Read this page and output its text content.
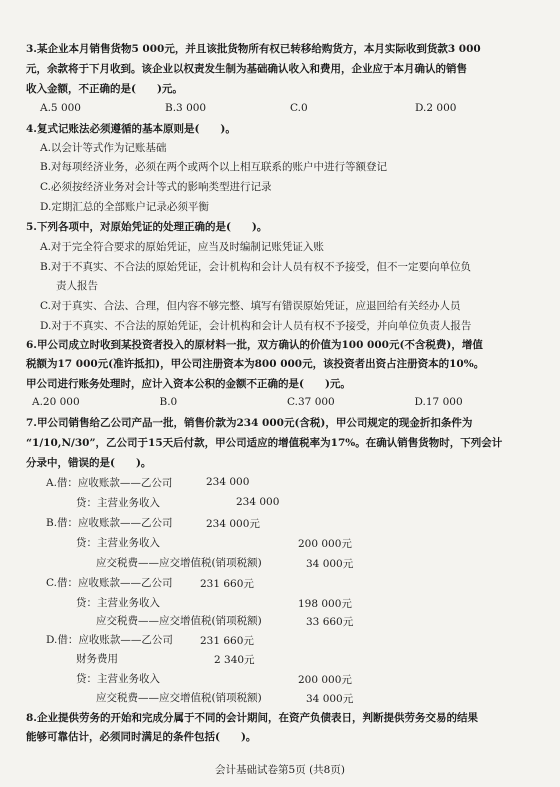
3.某企业本月销售货物5 000元，并且该批货物所有权已转移给购货方，本月实际收到货款3 000
元，余款将于下月收到。该企业以权责发生制为基础确认收入和费用，企业应于本月确认的销售
收入金额，不正确的是(　　)元。
A.5 000	B.3 000	C.0	D.2 000
4.复式记账法必须遵循的基本原则是(　　)。
A.以会计等式作为记账基础
B.对每项经济业务，必须在两个或两个以上相互联系的账户中进行等额登记
C.必须按经济业务对会计等式的影响类型进行记录
D.定期汇总的全部账户记录必须平衡
5.下列各项中，对原始凭证的处理正确的是(　　)。
A.对于完全符合要求的原始凭证，应当及时编制记账凭证入账
B.对于不真实、不合法的原始凭证，会计机构和会计人员有权不予接受，但不一定要向单位负
责人报告
C.对于真实、合法、合理，但内容不够完整、填写有错误原始凭证，应退回给有关经办人员
D.对于不真实、不合法的原始凭证，会计机构和会计人员有权不予接受，并向单位负责人报告
6.甲公司成立时收到某投资者投入的原材料一批，双方确认的价值为100 000元(不含税费)，增值
税额为17 000元(准许抵扣)，甲公司注册资本为800 000元，该投资者出资占注册资本的10%。
甲公司进行账务处理时，应计入资本公积的金额不正确的是(　　)元。
A.20 000	B.0	C.37 000	D.17 000
7.甲公司销售给乙公司产品一批，销售价款为234 000元(含税)，甲公司规定的现金折扣条件为
“1/10,N/30”，乙公司于15天后付款，甲公司适应的增值税率为17%。在确认销售货物时，下列会计
分录中，错误的是(　　)。
A.借：应收账款——乙公司	234 000
贷：主营业务收入	234 000
B.借：应收账款——乙公司	234 000元
贷：主营业务收入	200 000元
应交税费——应交增值税(销项税额)	34 000元
C.借：应收账款——乙公司	231 660元
贷：主营业务收入	198 000元
应交税费——应交增值税(销项税额)	33 660元
D.借：应收账款——乙公司	231 660元
财务费用	2 340元
贷：主营业务收入	200 000元
应交税费——应交增值税(销项税额)	34 000元
8.企业提供劳务的开始和完成分属于不同的会计期间，在资产负债表日，判断提供劳务交易的结果
能够可靠估计，必须同时满足的条件包括(　　)。
会计基础试卷第5页 (共8页)
